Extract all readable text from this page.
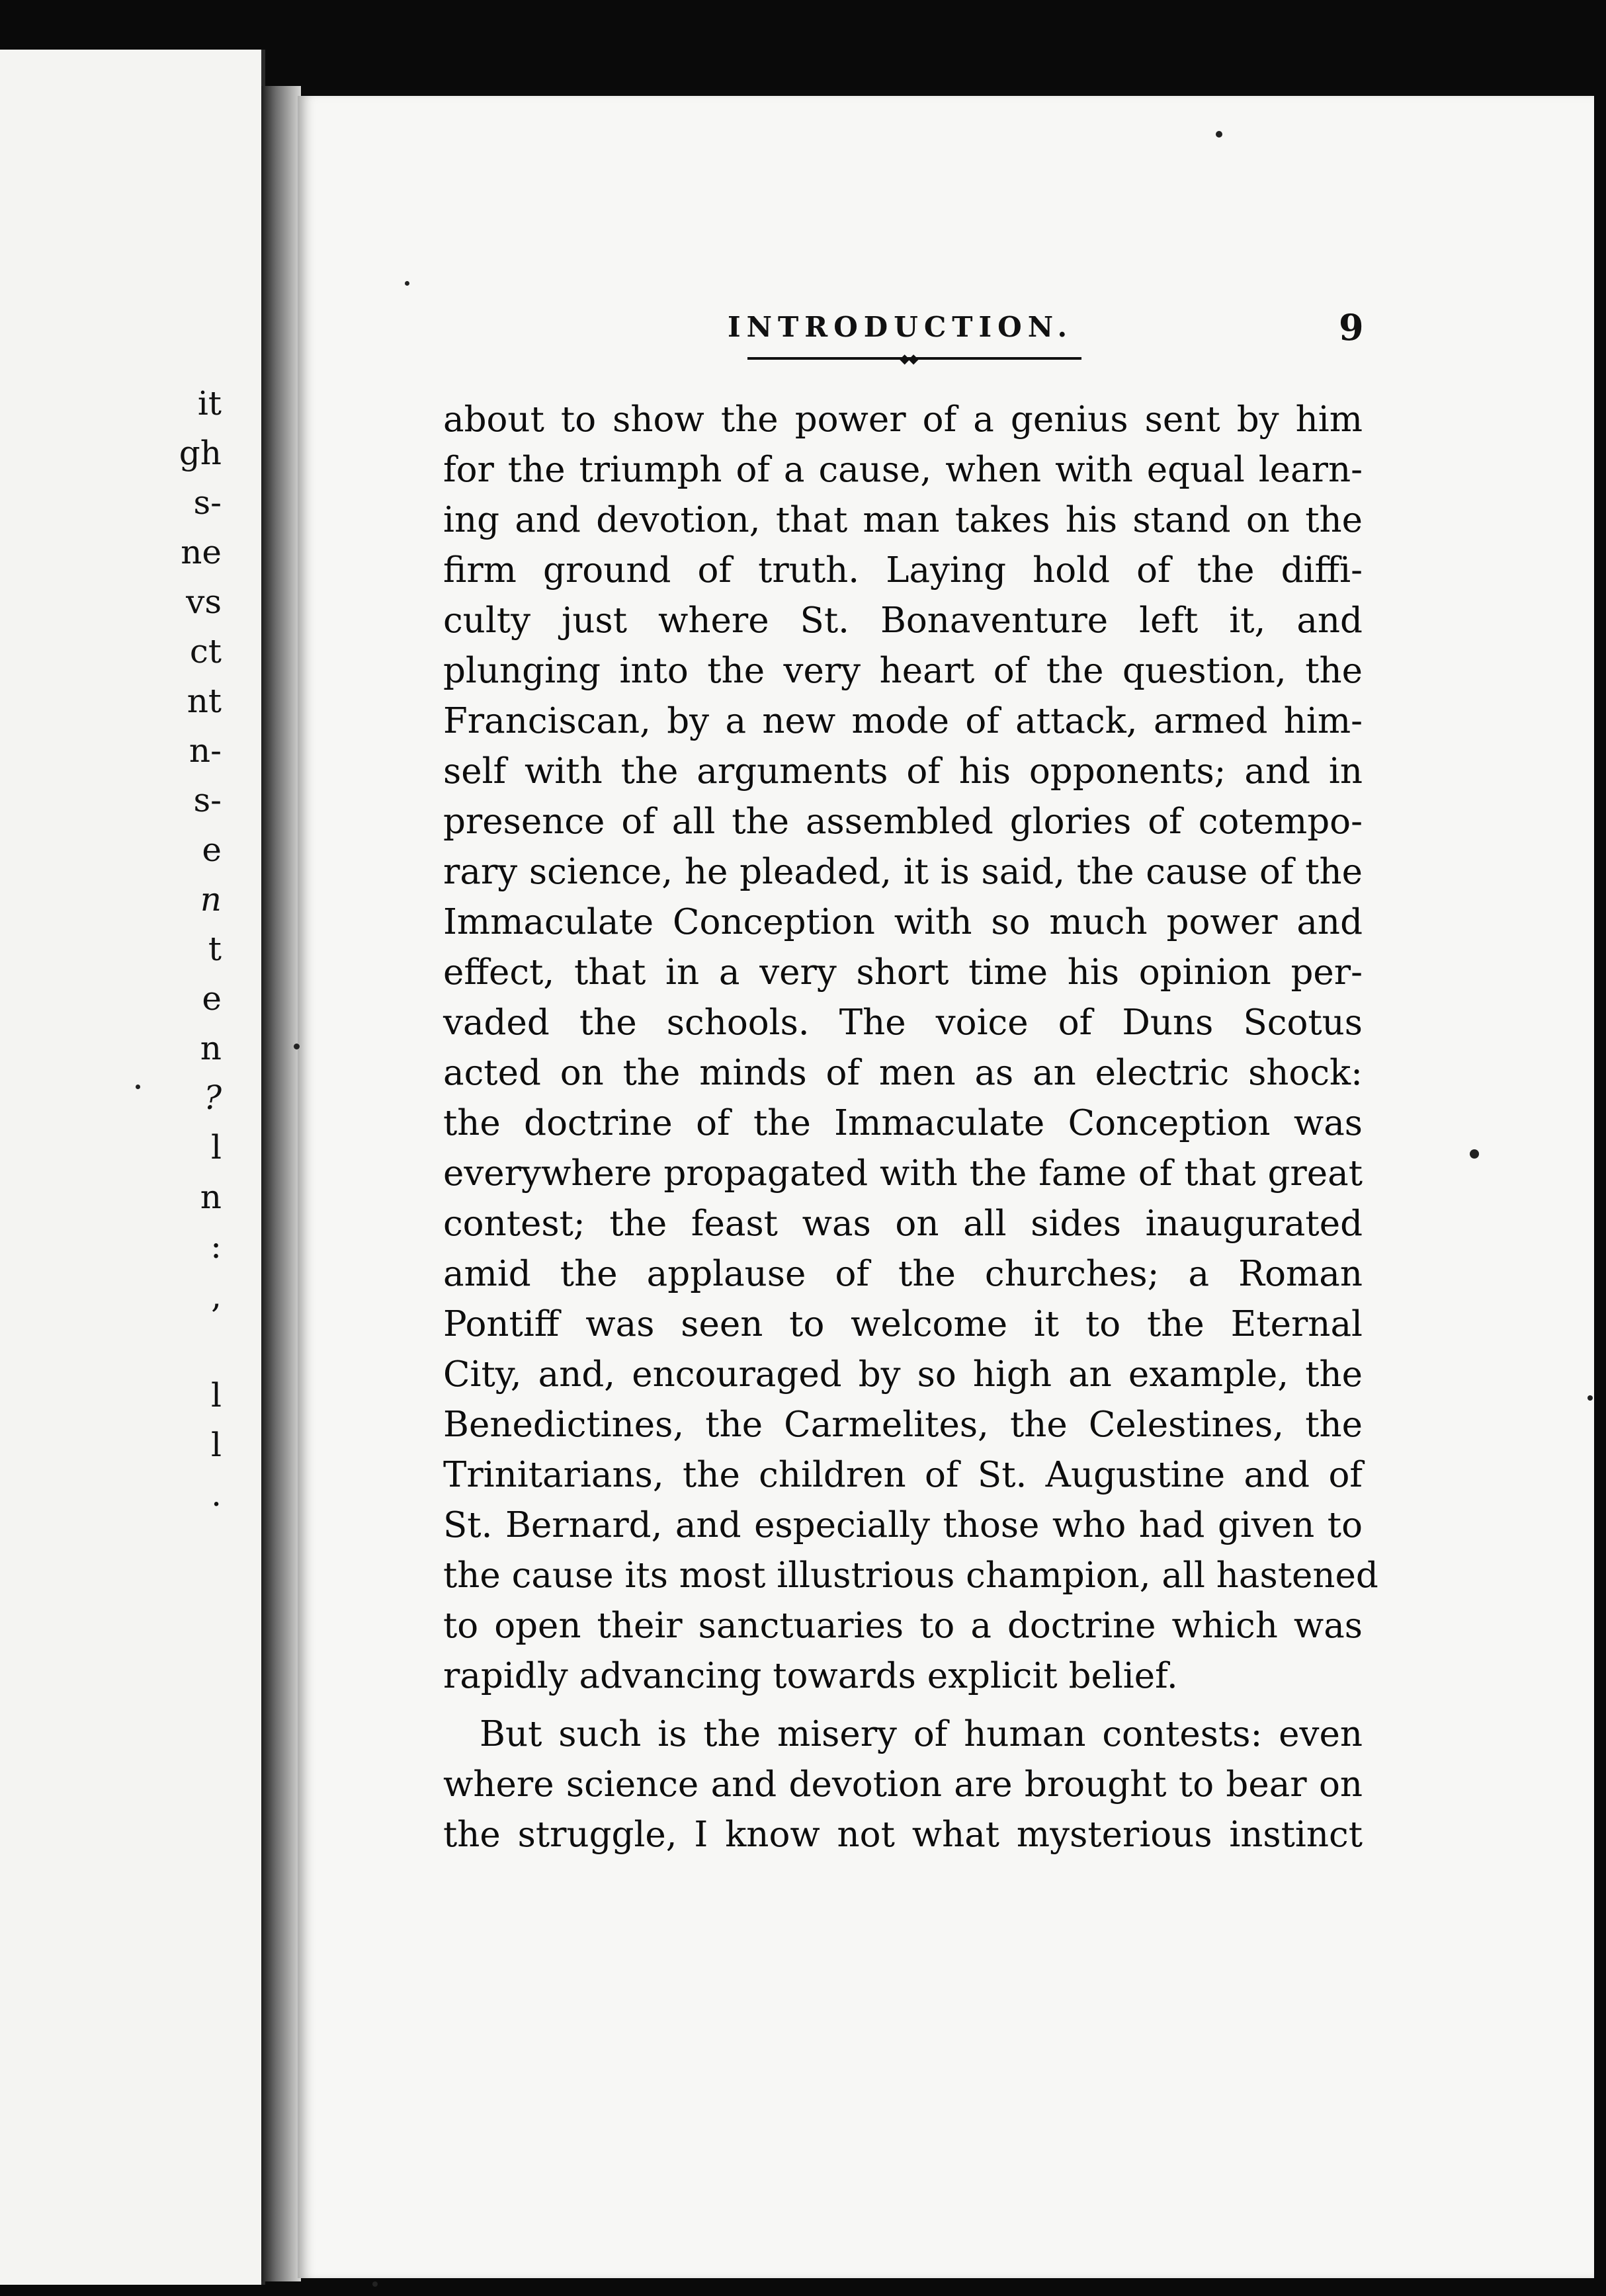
it
gh
s-
ne
vs
ct
nt
n-
s-
e
n
t
e
n
?
l
n
:
,
l
l
.
INTRODUCTION.	9
◆◆
about to show the power of a genius sent by him
for the triumph of a cause, when with equal learn-
ing and devotion, that man takes his stand on the
firm ground of truth. Laying hold of the diffi-
culty just where St. Bonaventure left it, and
plunging into the very heart of the question, the
Franciscan, by a new mode of attack, armed him-
self with the arguments of his opponents; and in
presence of all the assembled glories of cotempo-
rary science, he pleaded, it is said, the cause of the
Immaculate Conception with so much power and
effect, that in a very short time his opinion per-
vaded the schools. The voice of Duns Scotus
acted on the minds of men as an electric shock:
the doctrine of the Immaculate Conception was
everywhere propagated with the fame of that great
contest; the feast was on all sides inaugurated
amid the applause of the churches; a Roman
Pontiff was seen to welcome it to the Eternal
City, and, encouraged by so high an example, the
Benedictines, the Carmelites, the Celestines, the
Trinitarians, the children of St. Augustine and of
St. Bernard, and especially those who had given to
the cause its most illustrious champion, all hastened
to open their sanctuaries to a doctrine which was
rapidly advancing towards explicit belief.
But such is the misery of human contests: even
where science and devotion are brought to bear on
the struggle, I know not what mysterious instinct
